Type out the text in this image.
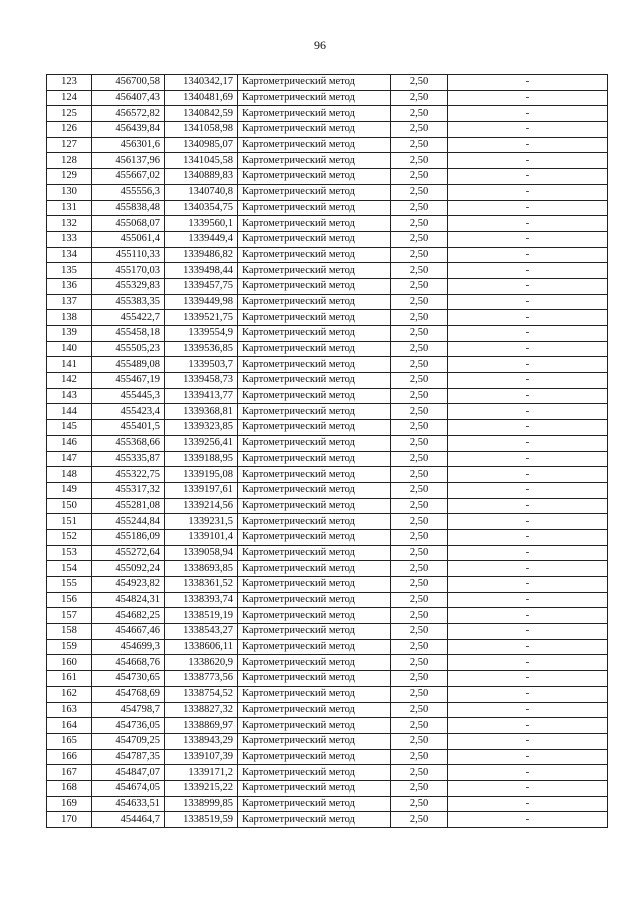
96
123	456700,58	1340342,17	Картометрический метод	2,50	-
124	456407,43	1340481,69	Картометрический метод	2,50	-
125	456572,82	1340842,59	Картометрический метод	2,50	-
126	456439,84	1341058,98	Картометрический метод	2,50	-
127	456301,6	1340985,07	Картометрический метод	2,50	-
128	456137,96	1341045,58	Картометрический метод	2,50	-
129	455667,02	1340889,83	Картометрический метод	2,50	-
130	455556,3	1340740,8	Картометрический метод	2,50	-
131	455838,48	1340354,75	Картометрический метод	2,50	-
132	455068,07	1339560,1	Картометрический метод	2,50	-
133	455061,4	1339449,4	Картометрический метод	2,50	-
134	455110,33	1339486,82	Картометрический метод	2,50	-
135	455170,03	1339498,44	Картометрический метод	2,50	-
136	455329,83	1339457,75	Картометрический метод	2,50	-
137	455383,35	1339449,98	Картометрический метод	2,50	-
138	455422,7	1339521,75	Картометрический метод	2,50	-
139	455458,18	1339554,9	Картометрический метод	2,50	-
140	455505,23	1339536,85	Картометрический метод	2,50	-
141	455489,08	1339503,7	Картометрический метод	2,50	-
142	455467,19	1339458,73	Картометрический метод	2,50	-
143	455445,3	1339413,77	Картометрический метод	2,50	-
144	455423,4	1339368,81	Картометрический метод	2,50	-
145	455401,5	1339323,85	Картометрический метод	2,50	-
146	455368,66	1339256,41	Картометрический метод	2,50	-
147	455335,87	1339188,95	Картометрический метод	2,50	-
148	455322,75	1339195,08	Картометрический метод	2,50	-
149	455317,32	1339197,61	Картометрический метод	2,50	-
150	455281,08	1339214,56	Картометрический метод	2,50	-
151	455244,84	1339231,5	Картометрический метод	2,50	-
152	455186,09	1339101,4	Картометрический метод	2,50	-
153	455272,64	1339058,94	Картометрический метод	2,50	-
154	455092,24	1338693,85	Картометрический метод	2,50	-
155	454923,82	1338361,52	Картометрический метод	2,50	-
156	454824,31	1338393,74	Картометрический метод	2,50	-
157	454682,25	1338519,19	Картометрический метод	2,50	-
158	454667,46	1338543,27	Картометрический метод	2,50	-
159	454699,3	1338606,11	Картометрический метод	2,50	-
160	454668,76	1338620,9	Картометрический метод	2,50	-
161	454730,65	1338773,56	Картометрический метод	2,50	-
162	454768,69	1338754,52	Картометрический метод	2,50	-
163	454798,7	1338827,32	Картометрический метод	2,50	-
164	454736,05	1338869,97	Картометрический метод	2,50	-
165	454709,25	1338943,29	Картометрический метод	2,50	-
166	454787,35	1339107,39	Картометрический метод	2,50	-
167	454847,07	1339171,2	Картометрический метод	2,50	-
168	454674,05	1339215,22	Картометрический метод	2,50	-
169	454633,51	1338999,85	Картометрический метод	2,50	-
170	454464,7	1338519,59	Картометрический метод	2,50	-
